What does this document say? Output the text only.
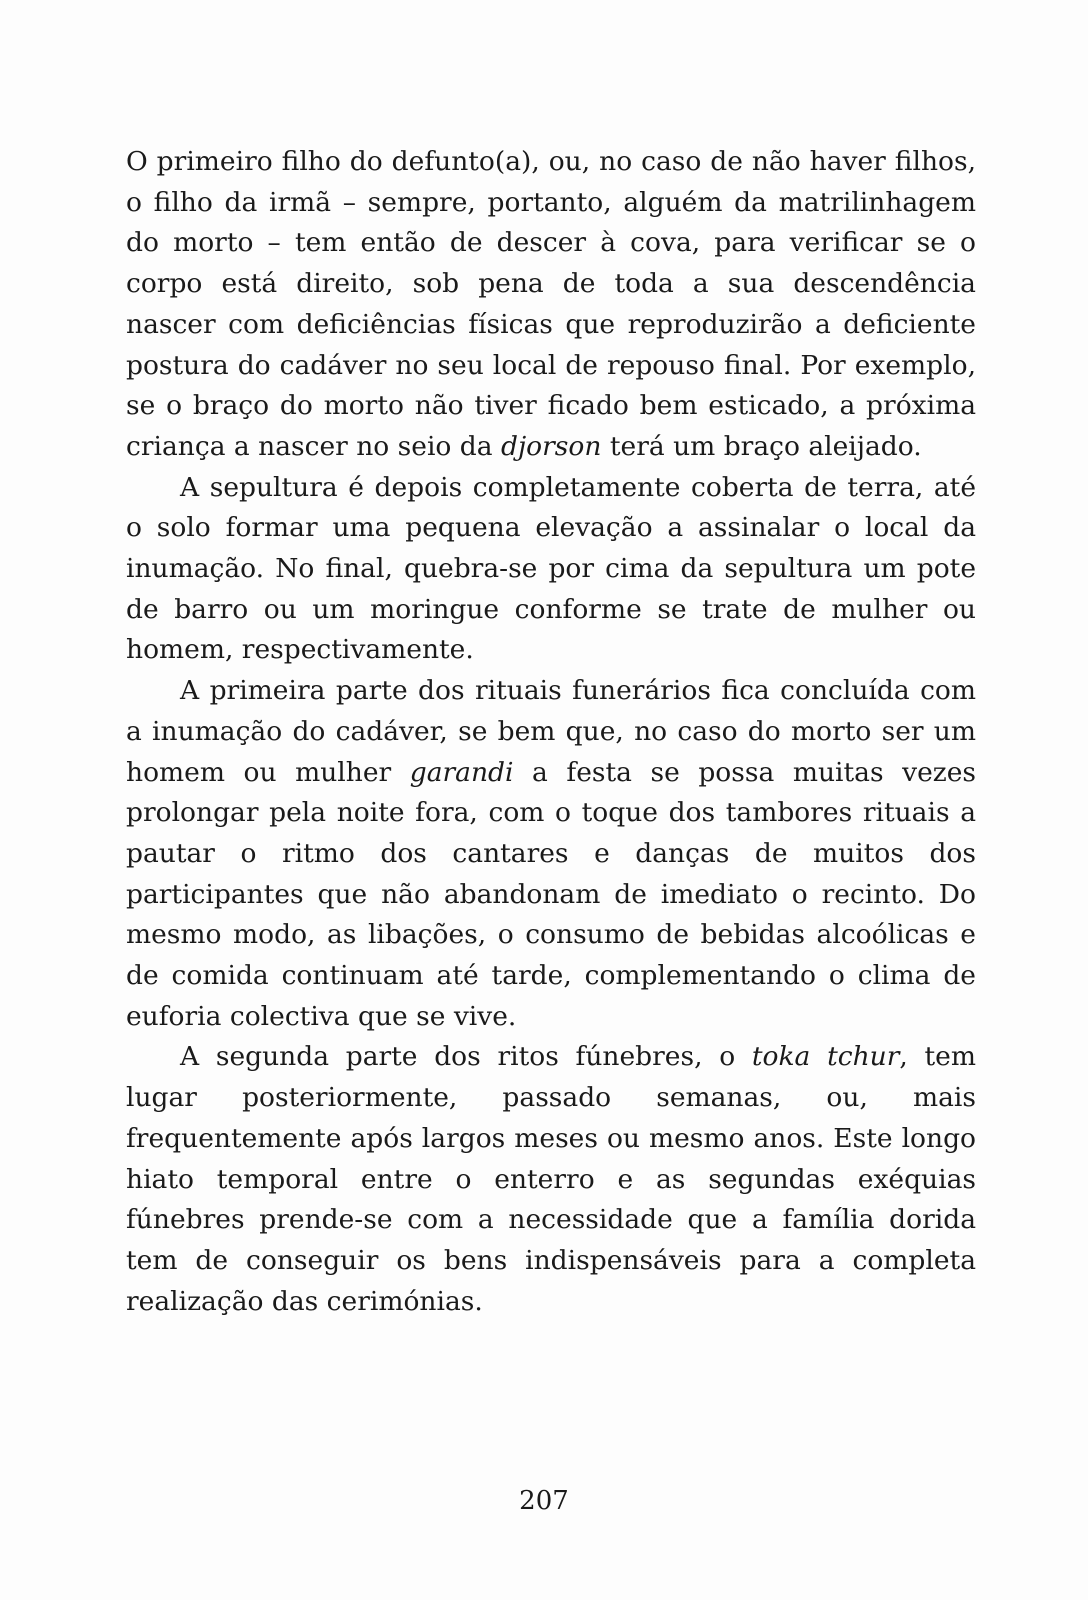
O primeiro filho do defunto(a), ou, no caso de não haver filhos, o filho da irmã – sempre, portanto, alguém da matrilinhagem do morto – tem então de descer à cova, para verificar se o corpo está direito, sob pena de toda a sua descendência nascer com deficiências físicas que reproduzirão a deficiente postura do cadáver no seu local de repouso final. Por exemplo, se o braço do morto não tiver ficado bem esticado, a próxima criança a nascer no seio da djorson terá um braço aleijado.

A sepultura é depois completamente coberta de terra, até o solo formar uma pequena elevação a assinalar o local da inumação. No final, quebra-se por cima da sepultura um pote de barro ou um moringue conforme se trate de mulher ou homem, respectivamente.

A primeira parte dos rituais funerários fica concluída com a inumação do cadáver, se bem que, no caso do morto ser um homem ou mulher garandi a festa se possa muitas vezes prolongar pela noite fora, com o toque dos tambores rituais a pautar o ritmo dos cantares e danças de muitos dos participantes que não abandonam de imediato o recinto. Do mesmo modo, as libações, o consumo de bebidas alcoólicas e de comida continuam até tarde, complementando o clima de euforia colectiva que se vive.

A segunda parte dos ritos fúnebres, o toka tchur, tem lugar posteriormente, passado semanas, ou, mais frequentemente após largos meses ou mesmo anos. Este longo hiato temporal entre o enterro e as segundas exéquias fúnebres prende-se com a necessidade que a família dorida tem de conseguir os bens indispensáveis para a completa realização das cerimónias.

207
